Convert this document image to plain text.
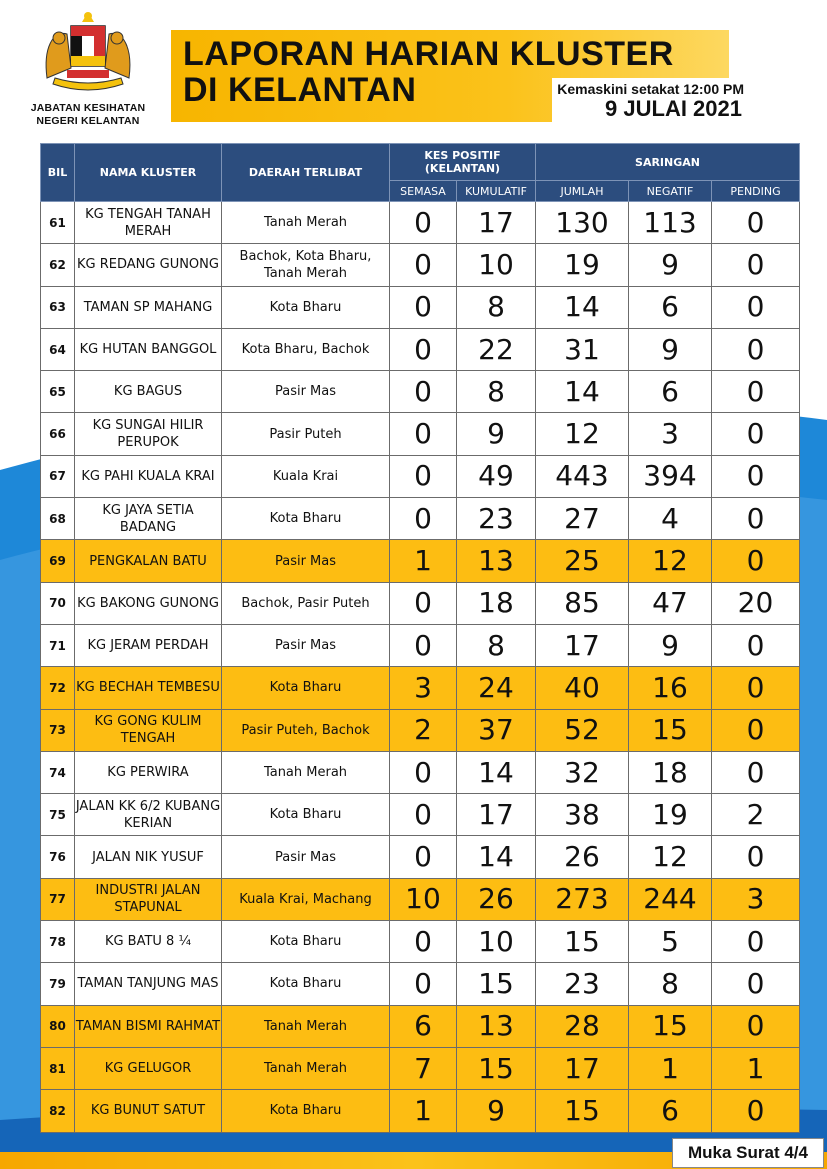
JABATAN KESIHATAN
NEGERI KELANTAN
LAPORAN HARIAN KLUSTER
DI KELANTAN	Kemaskini setakat 12:00 PM
9 JULAI 2021
BIL	NAMA KLUSTER	DAERAH TERLIBAT	KES POSITIF
(KELANTAN)		SARINGAN		
			SEMASA	KUMULATIF	JUMLAH	NEGATIF	PENDING
61	KG TENGAH TANAH MERAH	Tanah Merah	0	17	130	113	0
62	KG REDANG GUNONG	Bachok, Kota Bharu, Tanah Merah	0	10	19	9	0
63	TAMAN SP MAHANG	Kota Bharu	0	8	14	6	0
64	KG HUTAN BANGGOL	Kota Bharu, Bachok	0	22	31	9	0
65	KG BAGUS	Pasir Mas	0	8	14	6	0
66	KG SUNGAI HILIR PERUPOK	Pasir Puteh	0	9	12	3	0
67	KG PAHI KUALA KRAI	Kuala Krai	0	49	443	394	0
68	KG JAYA SETIA BADANG	Kota Bharu	0	23	27	4	0
69	PENGKALAN BATU	Pasir Mas	1	13	25	12	0
70	KG BAKONG GUNONG	Bachok, Pasir Puteh	0	18	85	47	20
71	KG JERAM PERDAH	Pasir Mas	0	8	17	9	0
72	KG BECHAH TEMBESU	Kota Bharu	3	24	40	16	0
73	KG GONG KULIM TENGAH	Pasir Puteh, Bachok	2	37	52	15	0
74	KG PERWIRA	Tanah Merah	0	14	32	18	0
75	JALAN KK 6/2 KUBANG KERIAN	Kota Bharu	0	17	38	19	2
76	JALAN NIK YUSUF	Pasir Mas	0	14	26	12	0
77	INDUSTRI JALAN STAPUNAL	Kuala Krai, Machang	10	26	273	244	3
78	KG BATU 8 ¼	Kota Bharu	0	10	15	5	0
79	TAMAN TANJUNG MAS	Kota Bharu	0	15	23	8	0
80	TAMAN BISMI RAHMAT	Tanah Merah	6	13	28	15	0
81	KG GELUGOR	Tanah Merah	7	15	17	1	1
82	KG BUNUT SATUT	Kota Bharu	1	9	15	6	0
Muka Surat 4/4
